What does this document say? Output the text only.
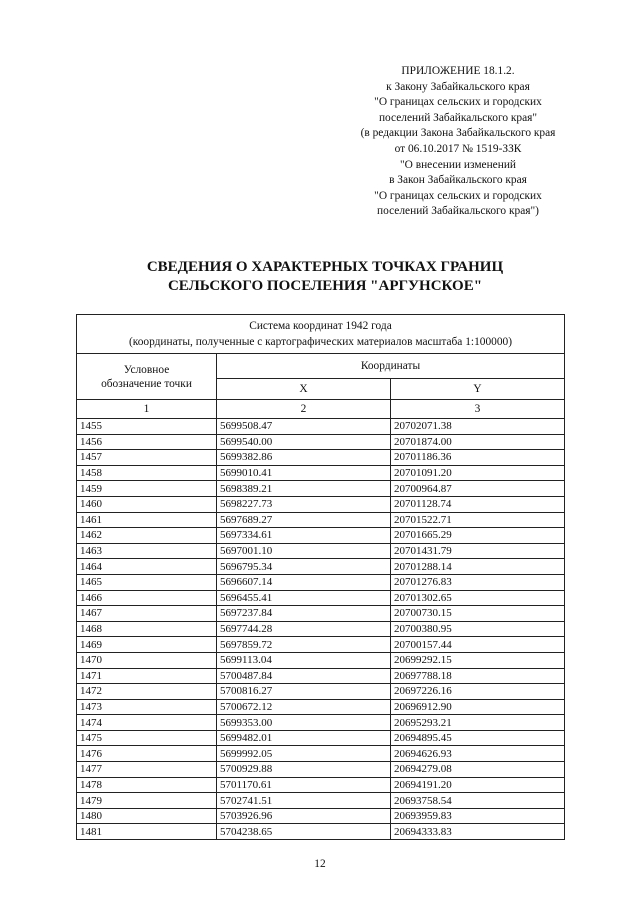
ПРИЛОЖЕНИЕ 18.1.2.
к Закону Забайкальского края
"О границах сельских и городских
поселений Забайкальского края"
(в редакции Закона Забайкальского края
от 06.10.2017 № 1519-ЗЗК
"О внесении изменений
в Закон Забайкальского края
"О границах сельских и городских
поселений Забайкальского края")
СВЕДЕНИЯ О ХАРАКТЕРНЫХ ТОЧКАХ ГРАНИЦ
СЕЛЬСКОГО ПОСЕЛЕНИЯ "АРГУНСКОЕ"
Система координат 1942 года
(координаты, полученные с картографических материалов масштаба 1:100000)		

Условное
обозначение точки	Координаты	
	X	Y
1	2	3
1455	5699508.47	20702071.38
1456	5699540.00	20701874.00
1457	5699382.86	20701186.36
1458	5699010.41	20701091.20
1459	5698389.21	20700964.87
1460	5698227.73	20701128.74
1461	5697689.27	20701522.71
1462	5697334.61	20701665.29
1463	5697001.10	20701431.79
1464	5696795.34	20701288.14
1465	5696607.14	20701276.83
1466	5696455.41	20701302.65
1467	5697237.84	20700730.15
1468	5697744.28	20700380.95
1469	5697859.72	20700157.44
1470	5699113.04	20699292.15
1471	5700487.84	20697788.18
1472	5700816.27	20697226.16
1473	5700672.12	20696912.90
1474	5699353.00	20695293.21
1475	5699482.01	20694895.45
1476	5699992.05	20694626.93
1477	5700929.88	20694279.08
1478	5701170.61	20694191.20
1479	5702741.51	20693758.54
1480	5703926.96	20693959.83
1481	5704238.65	20694333.83
12
